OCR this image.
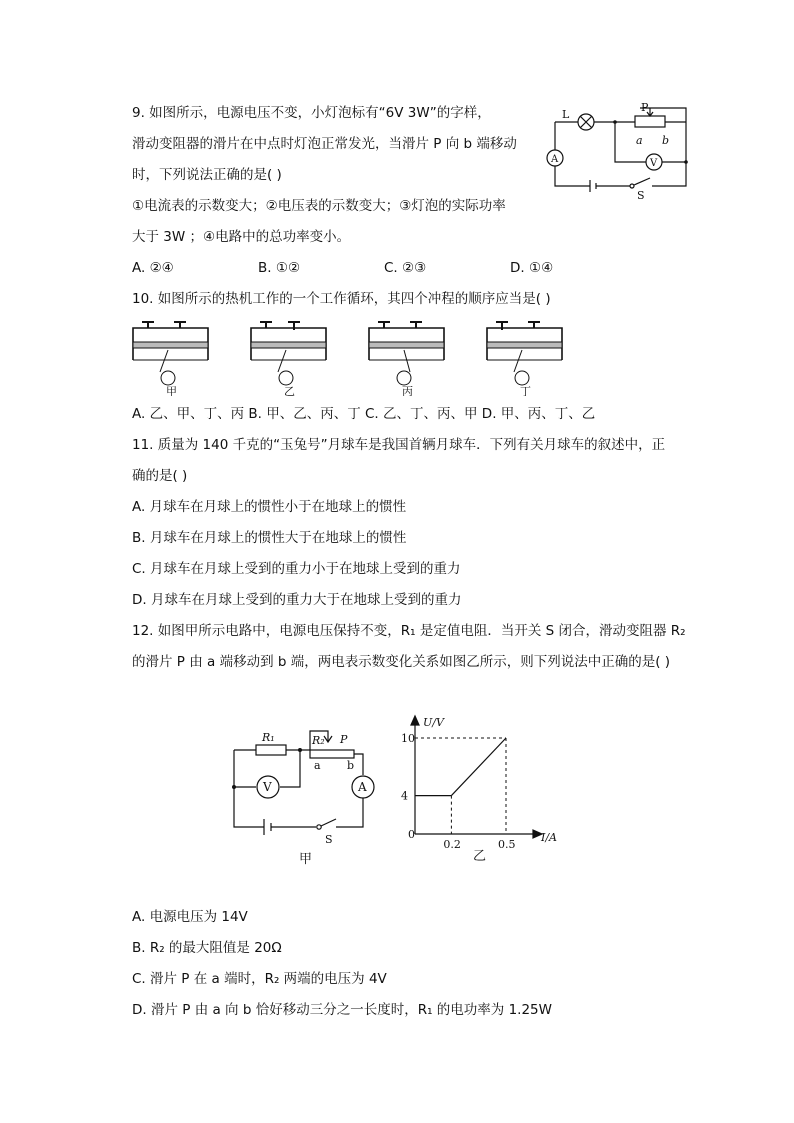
9. 如图所示，电源电压不变，小灯泡标有“6V 3W”的字样，
滑动变阻器的滑片在中点时灯泡正常发光，当滑片 P 向 b 端移动
时，下列说法正确的是( )
①电流表的示数变大；②电压表的示数变大；③灯泡的实际功率
大于 3W ；④电路中的总功率变小。
A. ②④	B. ①②	C. ②③	D. ①④
L
P
a b
A	V
S
10. 如图所示的热机工作的一个工作循环，其四个冲程的顺序应当是( )
甲	乙	丙	丁
A. 乙、甲、丁、丙 B. 甲、乙、丙、丁 C. 乙、丁、丙、甲 D. 甲、丙、丁、乙
11. 质量为 140 千克的“玉兔号”月球车是我国首辆月球车．下列有关月球车的叙述中，正
确的是( )
A. 月球车在月球上的惯性小于在地球上的惯性
B. 月球车在月球上的惯性大于在地球上的惯性
C. 月球车在月球上受到的重力小于在地球上受到的重力
D. 月球车在月球上受到的重力大于在地球上受到的重力
12. 如图甲所示电路中，电源电压保持不变，R₁ 是定值电阻．当开关 S 闭合，滑动变阻器 R₂
的滑片 P 由 a 端移动到 b 端，两电表示数变化关系如图乙所示，则下列说法中正确的是( )
R₁	R₂ P
a b
V	A
S
甲
4
10
0.2	0.5
U/V
I/A
0
乙
A. 电源电压为 14V
B. R₂ 的最大阻值是 20Ω
C. 滑片 P 在 a 端时，R₂ 两端的电压为 4V
D. 滑片 P 由 a 向 b 恰好移动三分之一长度时，R₁ 的电功率为 1.25W
